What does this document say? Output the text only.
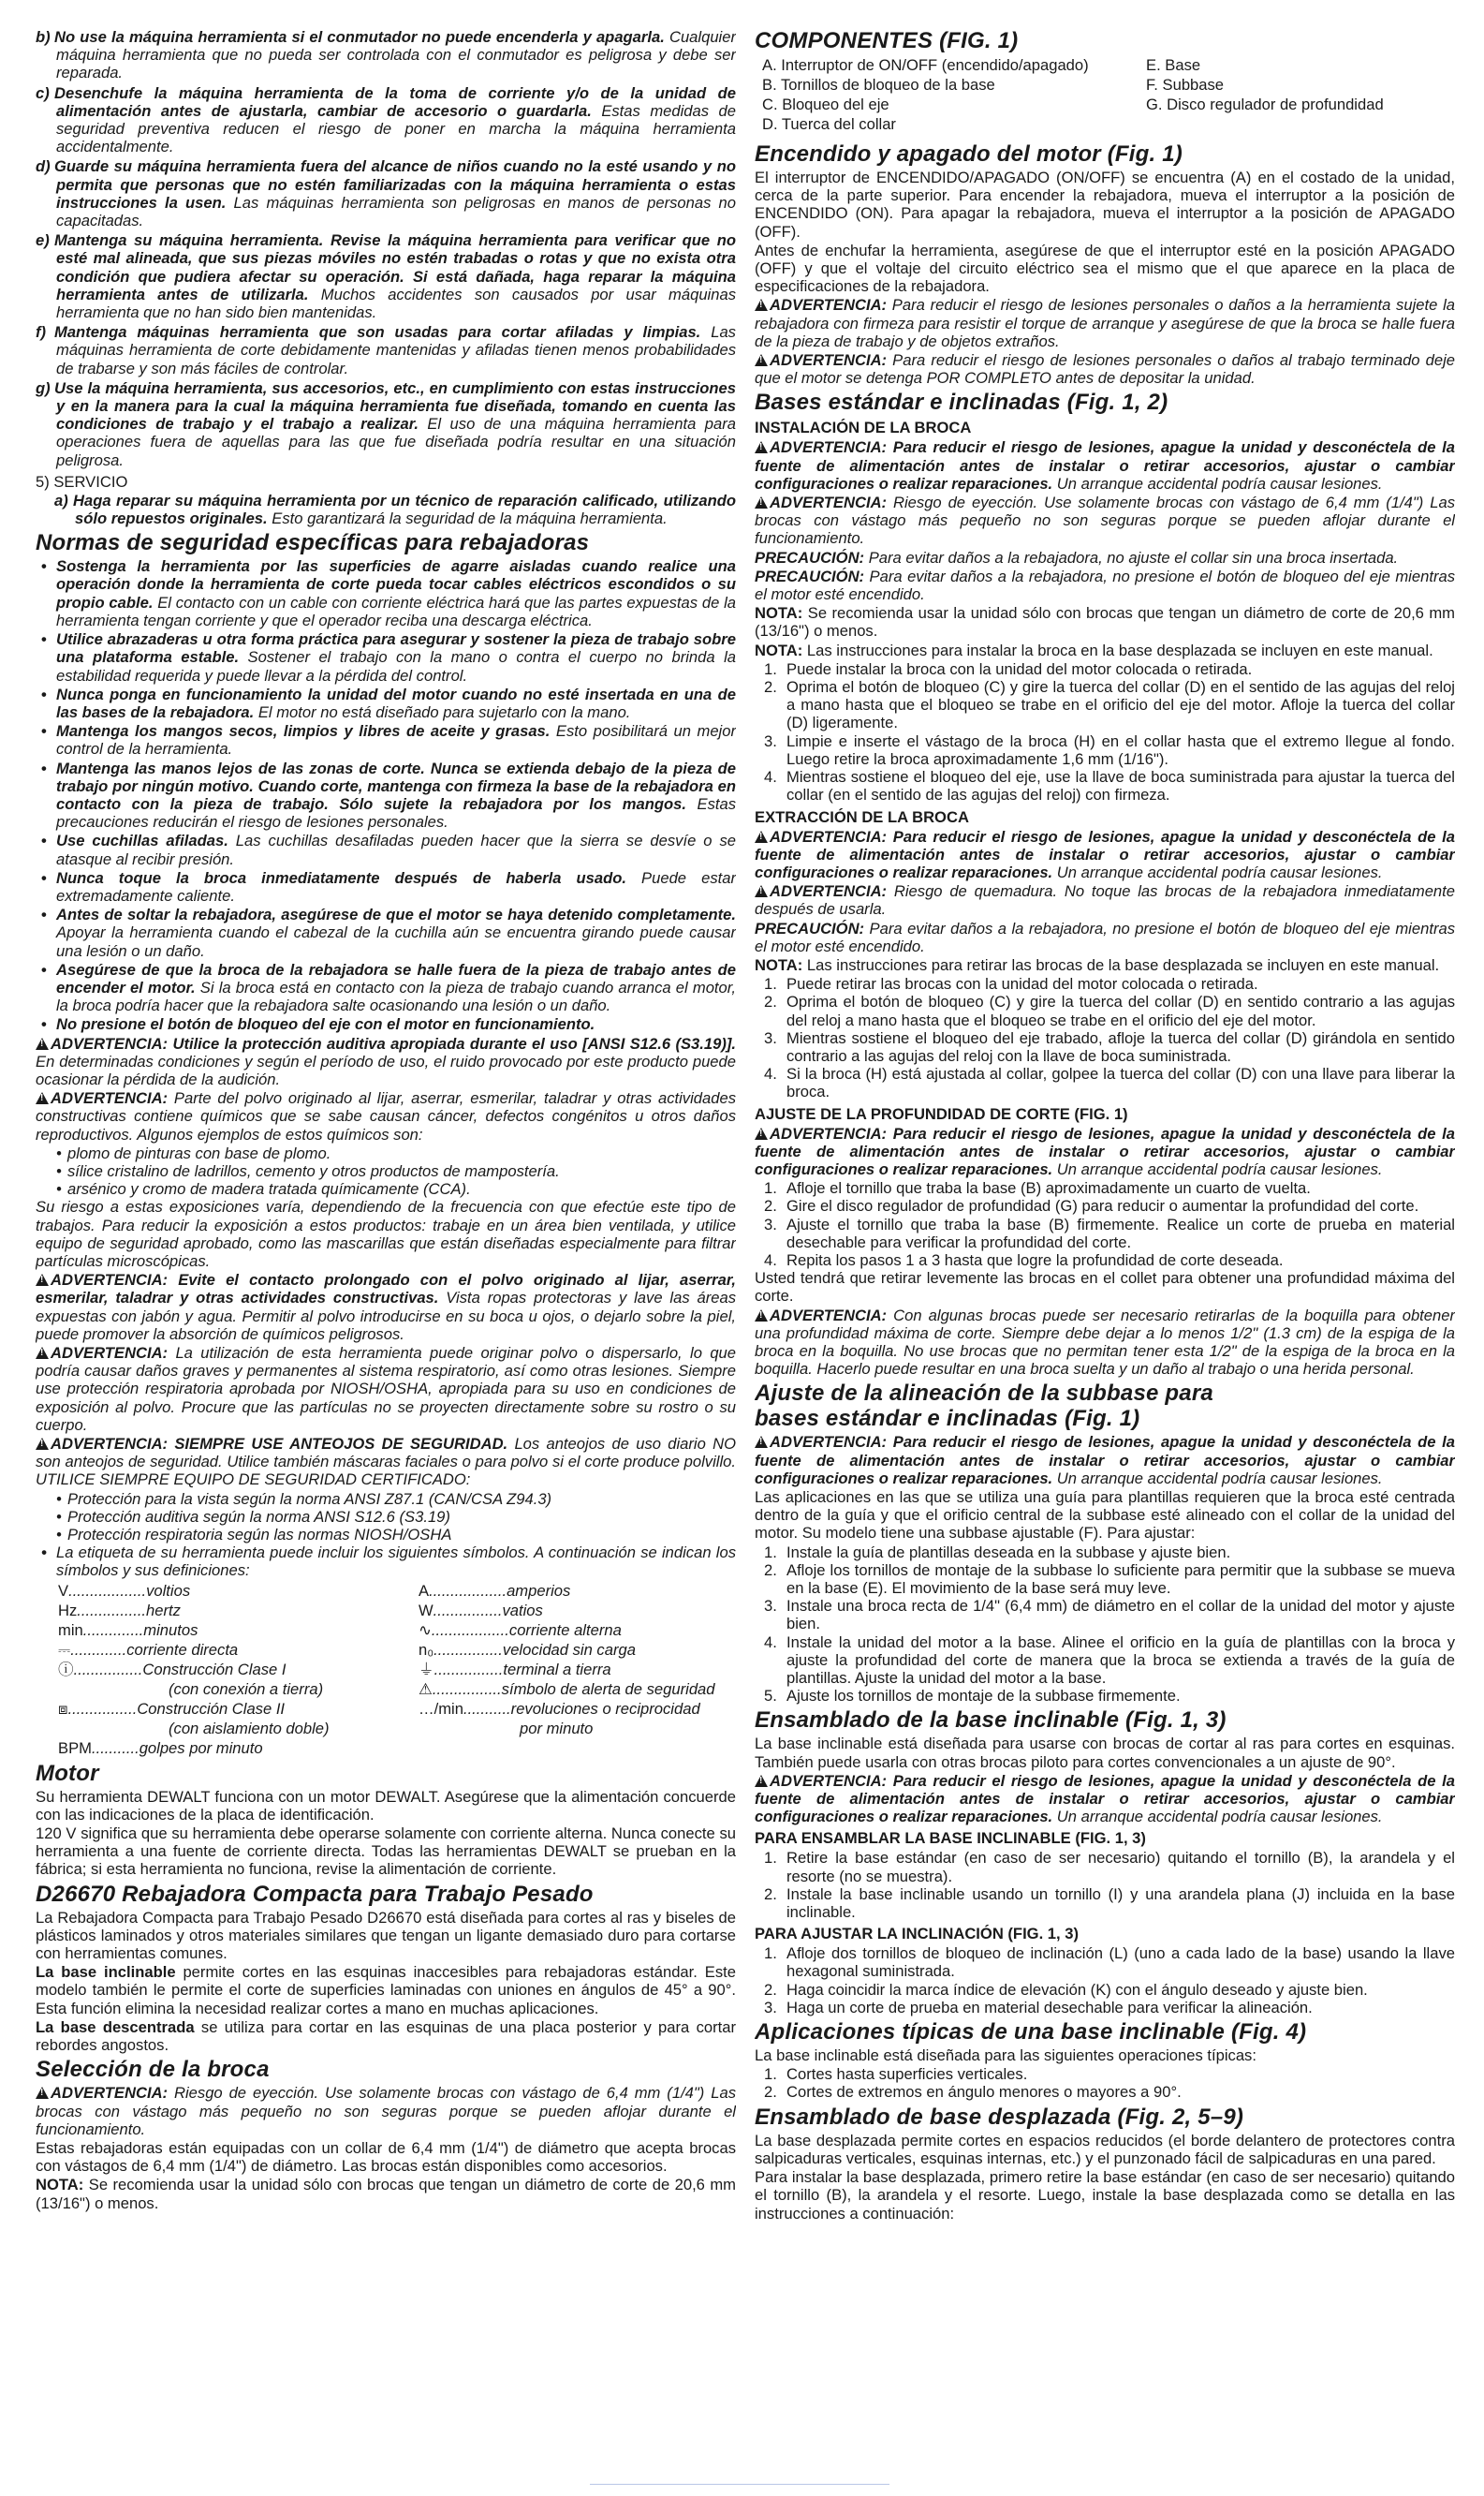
b) No use la máquina herramienta si el conmutador no puede encenderla y apagarla. Cualquier máquina herramienta que no pueda ser controlada con el conmutador es peligrosa y debe ser reparada.

c) Desenchufe la máquina herramienta de la toma de corriente y/o de la unidad de alimentación antes de ajustarla, cambiar de accesorio o guardarla. Estas medidas de seguridad preventiva reducen el riesgo de poner en marcha la máquina herramienta accidentalmente.

d) Guarde su máquina herramienta fuera del alcance de niños cuando no la esté usando y no permita que personas que no estén familiarizadas con la máquina herramienta o estas instrucciones la usen. Las máquinas herramienta son peligrosas en manos de personas no capacitadas.

e) Mantenga su máquina herramienta. Revise la máquina herramienta para verificar que no esté mal alineada, que sus piezas móviles no estén trabadas o rotas y que no exista otra condición que pudiera afectar su operación. Si está dañada, haga reparar la máquina herramienta antes de utilizarla. Muchos accidentes son causados por usar máquinas herramienta que no han sido bien mantenidas.

f) Mantenga máquinas herramienta que son usadas para cortar afiladas y limpias. Las máquinas herramienta de corte debidamente mantenidas y afiladas tienen menos probabilidades de trabarse y son más fáciles de controlar.

g) Use la máquina herramienta, sus accesorios, etc., en cumplimiento con estas instrucciones y en la manera para la cual la máquina herramienta fue diseñada, tomando en cuenta las condiciones de trabajo y el trabajo a realizar. El uso de una máquina herramienta para operaciones fuera de aquellas para las que fue diseñada podría resultar en una situación peligrosa.

5) SERVICIO

a) Haga reparar su máquina herramienta por un técnico de reparación calificado, utilizando sólo repuestos originales. Esto garantizará la seguridad de la máquina herramienta.

Normas de seguridad específicas para rebajadoras

• Sostenga la herramienta por las superficies de agarre aisladas cuando realice una operación donde la herramienta de corte pueda tocar cables eléctricos escondidos o su propio cable. El contacto con un cable con corriente eléctrica hará que las partes expuestas de la herramienta tengan corriente y que el operador reciba una descarga eléctrica.

• Utilice abrazaderas u otra forma práctica para asegurar y sostener la pieza de trabajo sobre una plataforma estable. Sostener el trabajo con la mano o contra el cuerpo no brinda la estabilidad requerida y puede llevar a la pérdida del control.

• Nunca ponga en funcionamiento la unidad del motor cuando no esté insertada en una de las bases de la rebajadora. El motor no está diseñado para sujetarlo con la mano.

• Mantenga los mangos secos, limpios y libres de aceite y grasas. Esto posibilitará un mejor control de la herramienta.

• Mantenga las manos lejos de las zonas de corte. Nunca se extienda debajo de la pieza de trabajo por ningún motivo. Cuando corte, mantenga con firmeza la base de la rebajadora en contacto con la pieza de trabajo. Sólo sujete la rebajadora por los mangos. Estas precauciones reducirán el riesgo de lesiones personales.

• Use cuchillas afiladas. Las cuchillas desafiladas pueden hacer que la sierra se desvíe o se atasque al recibir presión.

• Nunca toque la broca inmediatamente después de haberla usado. Puede estar extremadamente caliente.

• Antes de soltar la rebajadora, asegúrese de que el motor se haya detenido completamente. Apoyar la herramienta cuando el cabezal de la cuchilla aún se encuentra girando puede causar una lesión o un daño.

• Asegúrese de que la broca de la rebajadora se halle fuera de la pieza de trabajo antes de encender el motor. Si la broca está en contacto con la pieza de trabajo cuando arranca el motor, la broca podría hacer que la rebajadora salte ocasionando una lesión o un daño.

• No presione el botón de bloqueo del eje con el motor en funcionamiento.

!ADVERTENCIA: Utilice la protección auditiva apropiada durante el uso [ANSI S12.6 (S3.19)]. En determinadas condiciones y según el período de uso, el ruido provocado por este producto puede ocasionar la pérdida de la audición.

!ADVERTENCIA: Parte del polvo originado al lijar, aserrar, esmerilar, taladrar y otras actividades constructivas contiene químicos que se sabe causan cáncer, defectos congénitos u otros daños reproductivos. Algunos ejemplos de estos químicos son:

• plomo de pinturas con base de plomo.
• sílice cristalino de ladrillos, cemento y otros productos de mampostería.
• arsénico y cromo de madera tratada químicamente (CCA).

Su riesgo a estas exposiciones varía, dependiendo de la frecuencia con que efectúe este tipo de trabajos. Para reducir la exposición a estos productos: trabaje en un área bien ventilada, y utilice equipo de seguridad aprobado, como las mascarillas que están diseñadas especialmente para filtrar partículas microscópicas.

!ADVERTENCIA: Evite el contacto prolongado con el polvo originado al lijar, aserrar, esmerilar, taladrar y otras actividades constructivas. Vista ropas protectoras y lave las áreas expuestas con jabón y agua. Permitir al polvo introducirse en su boca u ojos, o dejarlo sobre la piel, puede promover la absorción de químicos peligrosos.

!ADVERTENCIA: La utilización de esta herramienta puede originar polvo o dispersarlo, lo que podría causar daños graves y permanentes al sistema respiratorio, así como otras lesiones. Siempre use protección respiratoria aprobada por NIOSH/OSHA, apropiada para su uso en condiciones de exposición al polvo. Procure que las partículas no se proyecten directamente sobre su rostro o su cuerpo.

!ADVERTENCIA: SIEMPRE USE ANTEOJOS DE SEGURIDAD. Los anteojos de uso diario NO son anteojos de seguridad. Utilice también máscaras faciales o para polvo si el corte produce polvillo. UTILICE SIEMPRE EQUIPO DE SEGURIDAD CERTIFICADO:

• Protección para la vista según la norma ANSI Z87.1 (CAN/CSA Z94.3)
• Protección auditiva según la norma ANSI S12.6 (S3.19)
• Protección respiratoria según las normas NIOSH/OSHA

• La etiqueta de su herramienta puede incluir los siguientes símbolos. A continuación se indican los símbolos y sus definiciones:

V .................. voltios	A .................. amperios
Hz ................ hertz	W ................ vatios
min .............. minutos	∿ .................. corriente alterna
⎓ ............. corriente directa	n₀ ................ velocidad sin carga
ⓘ ................ Construcción Clase I	⏚ ................ terminal a tierra
(con conexión a tierra)	⚠ ................ símbolo de alerta de seguridad
⧈ ................ Construcción Clase II	…/min ........... revoluciones o reciprocidad
(con aislamiento doble)	por minuto
BPM ........... golpes por minuto
Motor

Su herramienta DEWALT funciona con un motor DEWALT. Asegúrese que la alimentación concuerde con las indicaciones de la placa de identificación.

120 V significa que su herramienta debe operarse solamente con corriente alterna. Nunca conecte su herramienta a una fuente de corriente directa. Todas las herramientas DEWALT se prueban en la fábrica; si esta herramienta no funciona, revise la alimentación de corriente.

D26670 Rebajadora Compacta para Trabajo Pesado

La Rebajadora Compacta para Trabajo Pesado D26670 está diseñada para cortes al ras y biseles de plásticos laminados y otros materiales similares que tengan un ligante demasiado duro para cortarse con herramientas comunes.

La base inclinable permite cortes en las esquinas inaccesibles para rebajadoras estándar. Este modelo también le permite el corte de superficies laminadas con uniones en ángulos de 45° a 90°. Esta función elimina la necesidad realizar cortes a mano en muchas aplicaciones.

La base descentrada se utiliza para cortar en las esquinas de una placa posterior y para cortar rebordes angostos.

Selección de la broca

!ADVERTENCIA: Riesgo de eyección. Use solamente brocas con vástago de 6,4 mm (1/4") Las brocas con vástago más pequeño no son seguras porque se pueden aflojar durante el funcionamiento.

Estas rebajadoras están equipadas con un collar de 6,4 mm (1/4") de diámetro que acepta brocas con vástagos de 6,4 mm (1/4") de diámetro. Las brocas están disponibles como accesorios.

NOTA: Se recomienda usar la unidad sólo con brocas que tengan un diámetro de corte de 20,6 mm (13/16") o menos.

COMPONENTES (FIG. 1)
A. Interruptor de ON/OFF (encendido/apagado)	E. Base
B. Tornillos de bloqueo de la base	F. Subbase
C. Bloqueo del eje	G. Disco regulador de profundidad
D. Tuerca del collar
Encendido y apagado del motor (Fig. 1)

El interruptor de ENCENDIDO/APAGADO (ON/OFF) se encuentra (A) en el costado de la unidad, cerca de la parte superior. Para encender la rebajadora, mueva el interruptor a la posición de ENCENDIDO (ON). Para apagar la rebajadora, mueva el interruptor a la posición de APAGADO (OFF).

Antes de enchufar la herramienta, asegúrese de que el interruptor esté en la posición APAGADO (OFF) y que el voltaje del circuito eléctrico sea el mismo que el que aparece en la placa de especificaciones de la rebajadora.

!ADVERTENCIA: Para reducir el riesgo de lesiones personales o daños a la herramienta sujete la rebajadora con firmeza para resistir el torque de arranque y asegúrese de que la broca se halle fuera de la pieza de trabajo y de objetos extraños.

!ADVERTENCIA: Para reducir el riesgo de lesiones personales o daños al trabajo terminado deje que el motor se detenga POR COMPLETO antes de depositar la unidad.

Bases estándar e inclinadas (Fig. 1, 2)
INSTALACIÓN DE LA BROCA

!ADVERTENCIA: Para reducir el riesgo de lesiones, apague la unidad y desconéctela de la fuente de alimentación antes de instalar o retirar accesorios, ajustar o cambiar configuraciones o realizar reparaciones. Un arranque accidental podría causar lesiones.

!ADVERTENCIA: Riesgo de eyección. Use solamente brocas con vástago de 6,4 mm (1/4") Las brocas con vástago más pequeño no son seguras porque se pueden aflojar durante el funcionamiento.

PRECAUCIÓN: Para evitar daños a la rebajadora, no ajuste el collar sin una broca insertada.

PRECAUCIÓN: Para evitar daños a la rebajadora, no presione el botón de bloqueo del eje mientras el motor esté encendido.

NOTA: Se recomienda usar la unidad sólo con brocas que tengan un diámetro de corte de 20,6 mm (13/16") o menos.

NOTA: Las instrucciones para instalar la broca en la base desplazada se incluyen en este manual.

1. Puede instalar la broca con la unidad del motor colocada o retirada.

2. Oprima el botón de bloqueo (C) y gire la tuerca del collar (D) en el sentido de las agujas del reloj a mano hasta que el bloqueo se trabe en el orificio del eje del motor. Afloje la tuerca del collar (D) ligeramente.

3. Limpie e inserte el vástago de la broca (H) en el collar hasta que el extremo llegue al fondo. Luego retire la broca aproximadamente 1,6 mm (1/16").

4. Mientras sostiene el bloqueo del eje, use la llave de boca suministrada para ajustar la tuerca del collar (en el sentido de las agujas del reloj) con firmeza.

EXTRACCIÓN DE LA BROCA

!ADVERTENCIA: Para reducir el riesgo de lesiones, apague la unidad y desconéctela de la fuente de alimentación antes de instalar o retirar accesorios, ajustar o cambiar configuraciones o realizar reparaciones. Un arranque accidental podría causar lesiones.

!ADVERTENCIA: Riesgo de quemadura. No toque las brocas de la rebajadora inmediatamente después de usarla.

PRECAUCIÓN: Para evitar daños a la rebajadora, no presione el botón de bloqueo del eje mientras el motor esté encendido.

NOTA: Las instrucciones para retirar las brocas de la base desplazada se incluyen en este manual.

1. Puede retirar las brocas con la unidad del motor colocada o retirada.

2. Oprima el botón de bloqueo (C) y gire la tuerca del collar (D) en sentido contrario a las agujas del reloj a mano hasta que el bloqueo se trabe en el orificio del eje del motor.

3. Mientras sostiene el bloqueo del eje trabado, afloje la tuerca del collar (D) girándola en sentido contrario a las agujas del reloj con la llave de boca suministrada.

4. Si la broca (H) está ajustada al collar, golpee la tuerca del collar (D) con una llave para liberar la broca.

AJUSTE DE LA PROFUNDIDAD DE CORTE (FIG. 1)

!ADVERTENCIA: Para reducir el riesgo de lesiones, apague la unidad y desconéctela de la fuente de alimentación antes de instalar o retirar accesorios, ajustar o cambiar configuraciones o realizar reparaciones. Un arranque accidental podría causar lesiones.

1. Afloje el tornillo que traba la base (B) aproximadamente un cuarto de vuelta.

2. Gire el disco regulador de profundidad (G) para reducir o aumentar la profundidad del corte.

3. Ajuste el tornillo que traba la base (B) firmemente. Realice un corte de prueba en material desechable para verificar la profundidad del corte.

4. Repita los pasos 1 a 3 hasta que logre la profundidad de corte deseada.

Usted tendrá que retirar levemente las brocas en el collet para obtener una profundidad máxima del corte.

!ADVERTENCIA: Con algunas brocas puede ser necesario retirarlas de la boquilla para obtener una profundidad máxima de corte. Siempre debe dejar a lo menos 1/2" (1.3 cm) de la espiga de la broca en la boquilla. No use brocas que no permitan tener esta 1/2" de la espiga de la broca en la boquilla. Hacerlo puede resultar en una broca suelta y un daño al trabajo o una herida personal.

Ajuste de la alineación de la subbase para
bases estándar e inclinadas (Fig. 1)

!ADVERTENCIA: Para reducir el riesgo de lesiones, apague la unidad y desconéctela de la fuente de alimentación antes de instalar o retirar accesorios, ajustar o cambiar configuraciones o realizar reparaciones. Un arranque accidental podría causar lesiones.

Las aplicaciones en las que se utiliza una guía para plantillas requieren que la broca esté centrada dentro de la guía y que el orificio central de la subbase esté alineado con el collar de la unidad del motor. Su modelo tiene una subbase ajustable (F). Para ajustar:

1. Instale la guía de plantillas deseada en la subbase y ajuste bien.

2. Afloje los tornillos de montaje de la subbase lo suficiente para permitir que la subbase se mueva en la base (E). El movimiento de la base será muy leve.

3. Instale una broca recta de 1/4" (6,4 mm) de diámetro en el collar de la unidad del motor y ajuste bien.

4. Instale la unidad del motor a la base. Alinee el orificio en la guía de plantillas con la broca y ajuste la profundidad del corte de manera que la broca se extienda a través de la guía de plantillas. Ajuste la unidad del motor a la base.

5. Ajuste los tornillos de montaje de la subbase firmemente.

Ensamblado de la base inclinable (Fig. 1, 3)

La base inclinable está diseñada para usarse con brocas de cortar al ras para cortes en esquinas. También puede usarla con otras brocas piloto para cortes convencionales a un ajuste de 90°.

!ADVERTENCIA: Para reducir el riesgo de lesiones, apague la unidad y desconéctela de la fuente de alimentación antes de instalar o retirar accesorios, ajustar o cambiar configuraciones o realizar reparaciones. Un arranque accidental podría causar lesiones.

PARA ENSAMBLAR LA BASE INCLINABLE (FIG. 1, 3)

1. Retire la base estándar (en caso de ser necesario) quitando el tornillo (B), la arandela y el resorte (no se muestra).

2. Instale la base inclinable usando un tornillo (I) y una arandela plana (J) incluida en la base inclinable.

PARA AJUSTAR LA INCLINACIÓN (FIG. 1, 3)

1. Afloje dos tornillos de bloqueo de inclinación (L) (uno a cada lado de la base) usando la llave hexagonal suministrada.

2. Haga coincidir la marca índice de elevación (K) con el ángulo deseado y ajuste bien.

3. Haga un corte de prueba en material desechable para verificar la alineación.

Aplicaciones típicas de una base inclinable (Fig. 4)

La base inclinable está diseñada para las siguientes operaciones típicas:

1. Cortes hasta superficies verticales.

2. Cortes de extremos en ángulo menores o mayores a 90°.

Ensamblado de base desplazada (Fig. 2, 5–9)

La base desplazada permite cortes en espacios reducidos (el borde delantero de protectores contra salpicaduras verticales, esquinas internas, etc.) y el punzonado fácil de salpicaduras en una pared.

Para instalar la base desplazada, primero retire la base estándar (en caso de ser necesario) quitando el tornillo (B), la arandela y el resorte. Luego, instale la base desplazada como se detalla en las instrucciones a continuación:
